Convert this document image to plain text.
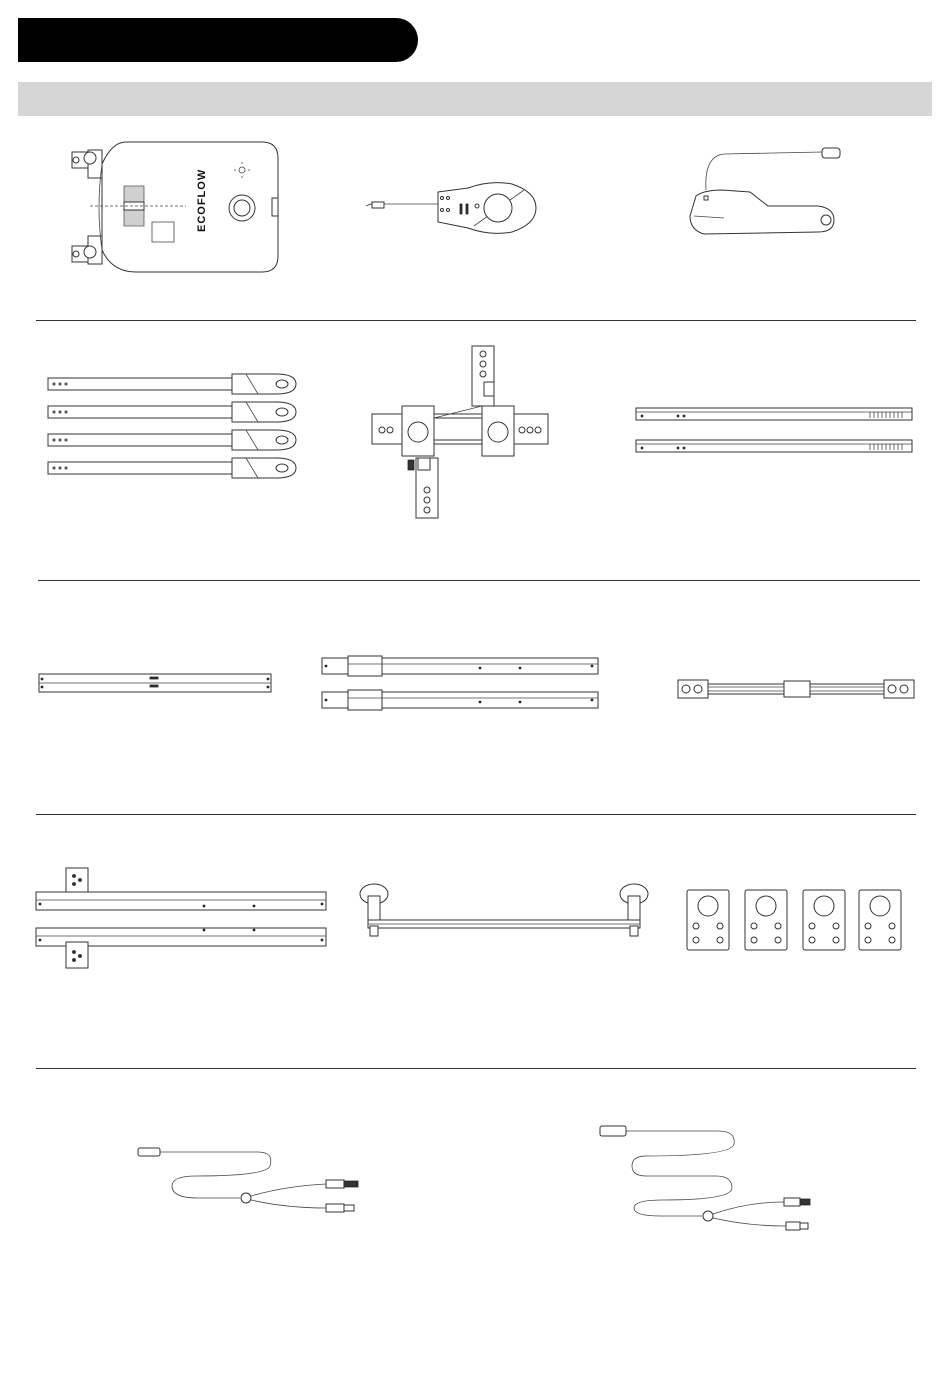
ECOFLOW
